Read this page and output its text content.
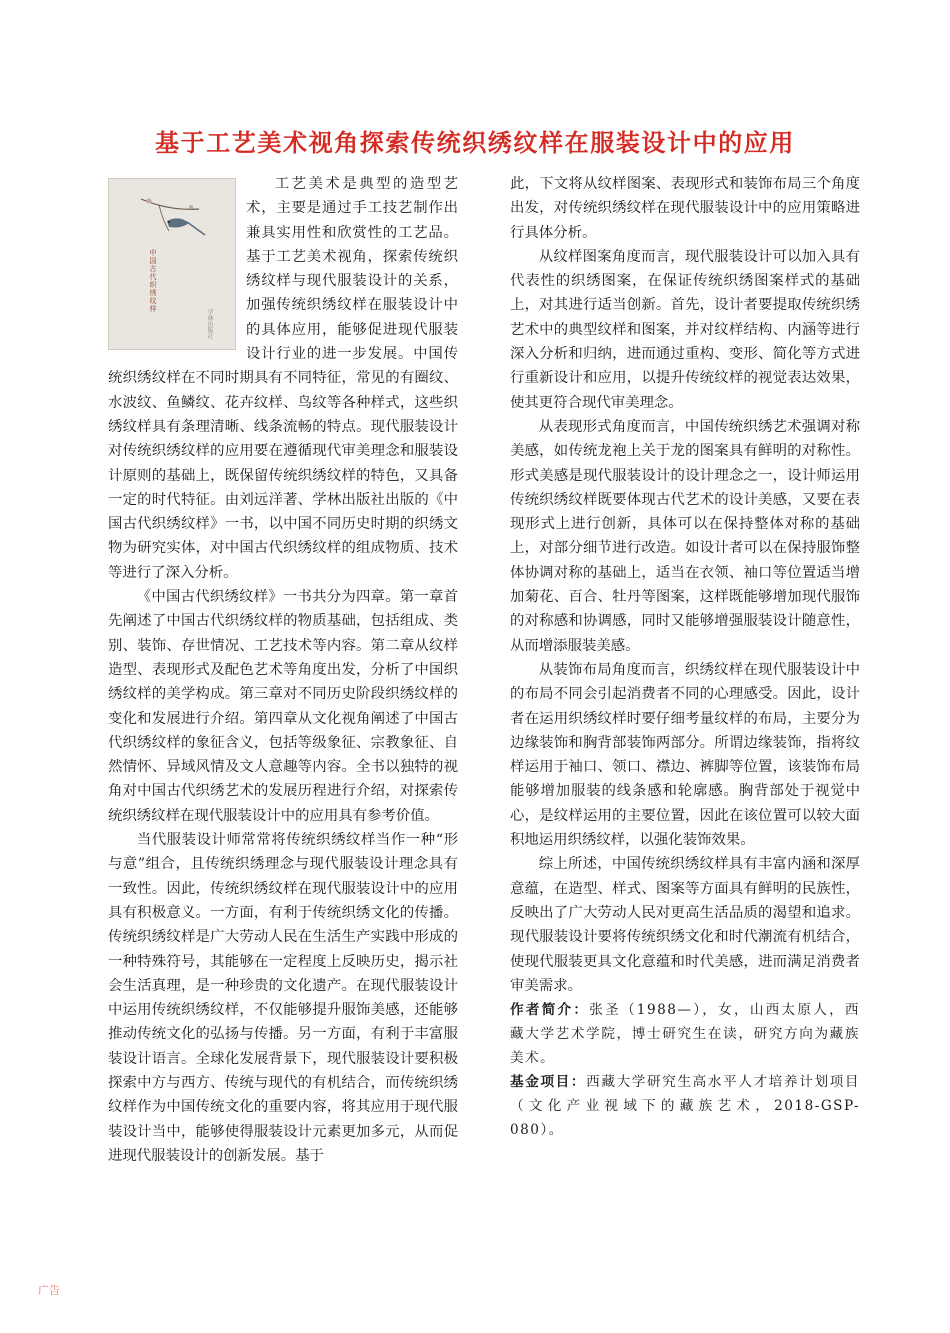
基于工艺美术视角探索传统织绣纹样在服装设计中的应用
中国古代织绣纹样
学林出版社

工艺美术是典型的造型艺术，主要是通过手工技艺制作出兼具实用性和欣赏性的工艺品。基于工艺美术视角，探索传统织绣纹样与现代服装设计的关系，加强传统织绣纹样在服装设计中的具体应用，能够促进现代服装设计行业的进一步发展。中国传统织绣纹样在不同时期具有不同特征，常见的有圈纹、水波纹、鱼鳞纹、花卉纹样、鸟纹等各种样式，这些织绣纹样具有条理清晰、线条流畅的特点。现代服装设计对传统织绣纹样的应用要在遵循现代审美理念和服装设计原则的基础上，既保留传统织绣纹样的特色，又具备一定的时代特征。由刘远洋著、学林出版社出版的《中国古代织绣纹样》一书，以中国不同历史时期的织绣文物为研究实体，对中国古代织绣纹样的组成物质、技术等进行了深入分析。

《中国古代织绣纹样》一书共分为四章。第一章首先阐述了中国古代织绣纹样的物质基础，包括组成、类别、装饰、存世情况、工艺技术等内容。第二章从纹样造型、表现形式及配色艺术等角度出发，分析了中国织绣纹样的美学构成。第三章对不同历史阶段织绣纹样的变化和发展进行介绍。第四章从文化视角阐述了中国古代织绣纹样的象征含义，包括等级象征、宗教象征、自然情怀、异域风情及文人意趣等内容。全书以独特的视角对中国古代织绣艺术的发展历程进行介绍，对探索传统织绣纹样在现代服装设计中的应用具有参考价值。

当代服装设计师常常将传统织绣纹样当作一种“形与意”组合，且传统织绣理念与现代服装设计理念具有一致性。因此，传统织绣纹样在现代服装设计中的应用具有积极意义。一方面，有利于传统织绣文化的传播。传统织绣纹样是广大劳动人民在生活生产实践中形成的一种特殊符号，其能够在一定程度上反映历史，揭示社会生活真理，是一种珍贵的文化遗产。在现代服装设计中运用传统织绣纹样，不仅能够提升服饰美感，还能够推动传统文化的弘扬与传播。另一方面，有利于丰富服装设计语言。全球化发展背景下，现代服装设计要积极探索中方与西方、传统与现代的有机结合，而传统织绣纹样作为中国传统文化的重要内容，将其应用于现代服装设计当中，能够使得服装设计元素更加多元，从而促进现代服装设计的创新发展。基于

此，下文将从纹样图案、表现形式和装饰布局三个角度出发，对传统织绣纹样在现代服装设计中的应用策略进行具体分析。

从纹样图案角度而言，现代服装设计可以加入具有代表性的织绣图案，在保证传统织绣图案样式的基础上，对其进行适当创新。首先，设计者要提取传统织绣艺术中的典型纹样和图案，并对纹样结构、内涵等进行深入分析和归纳，进而通过重构、变形、简化等方式进行重新设计和应用，以提升传统纹样的视觉表达效果，使其更符合现代审美理念。

从表现形式角度而言，中国传统织绣艺术强调对称美感，如传统龙袍上关于龙的图案具有鲜明的对称性。形式美感是现代服装设计的设计理念之一，设计师运用传统织绣纹样既要体现古代艺术的设计美感，又要在表现形式上进行创新，具体可以在保持整体对称的基础上，对部分细节进行改造。如设计者可以在保持服饰整体协调对称的基础上，适当在衣领、袖口等位置适当增加菊花、百合、牡丹等图案，这样既能够增加现代服饰的对称感和协调感，同时又能够增强服装设计随意性，从而增添服装美感。

从装饰布局角度而言，织绣纹样在现代服装设计中的布局不同会引起消费者不同的心理感受。因此，设计者在运用织绣纹样时要仔细考量纹样的布局，主要分为边缘装饰和胸背部装饰两部分。所谓边缘装饰，指将纹样运用于袖口、领口、襟边、裤脚等位置，该装饰布局能够增加服装的线条感和轮廓感。胸背部处于视觉中心，是纹样运用的主要位置，因此在该位置可以较大面积地运用织绣纹样，以强化装饰效果。

综上所述，中国传统织绣纹样具有丰富内涵和深厚意蕴，在造型、样式、图案等方面具有鲜明的民族性，反映出了广大劳动人民对更高生活品质的渴望和追求。现代服装设计要将传统织绣文化和时代潮流有机结合，使现代服装更具文化意蕴和时代美感，进而满足消费者审美需求。

作者简介：张圣（1988—），女，山西太原人，西藏大学艺术学院，博士研究生在读，研究方向为藏族美术。

基金项目：西藏大学研究生高水平人才培养计划项目（文化产业视域下的藏族艺术，2018-GSP-080）。

广告
